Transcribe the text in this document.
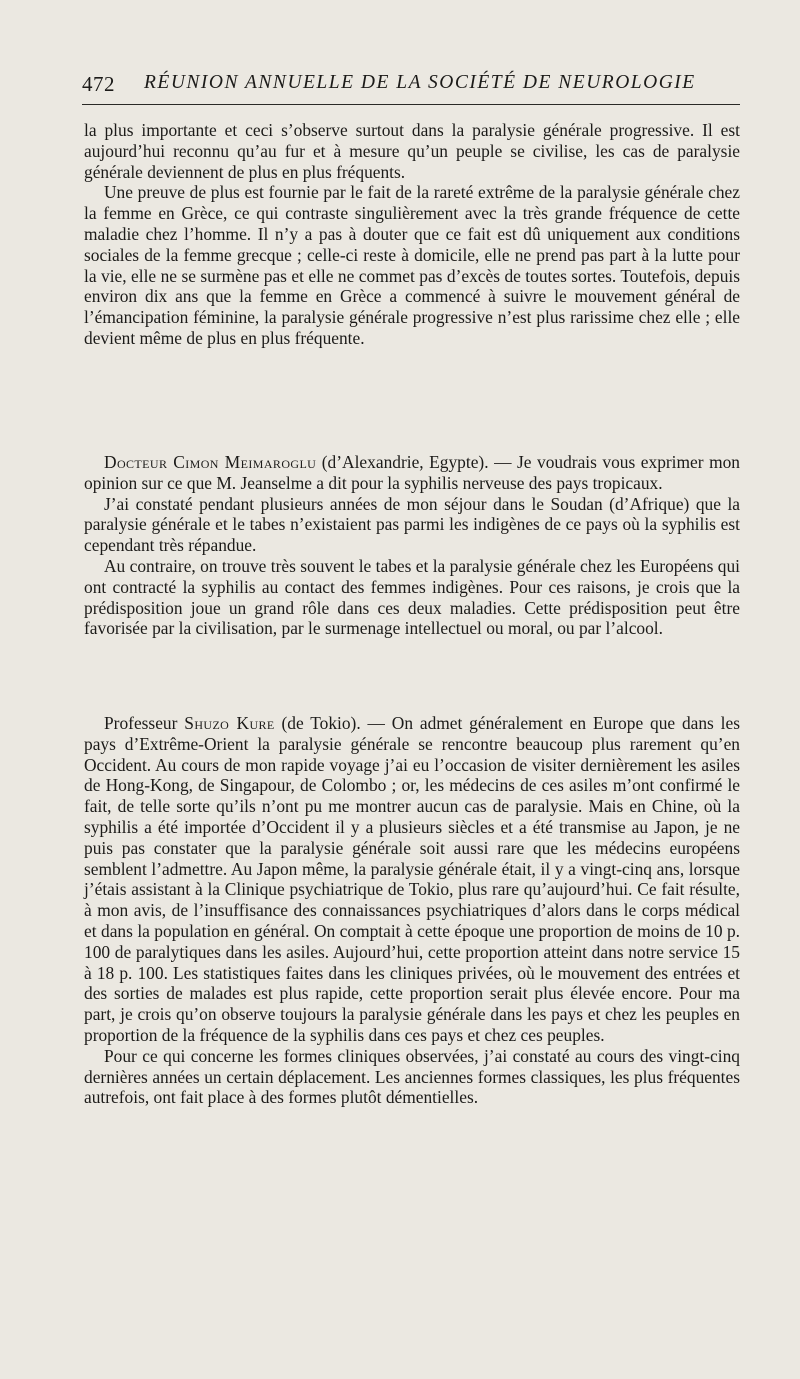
472 RÉUNION ANNUELLE DE LA SOCIÉTÉ DE NEUROLOGIE

la plus importante et ceci s’observe surtout dans la paralysie générale progressive. Il est aujourd’hui reconnu qu’au fur et à mesure qu’un peuple se civilise, les cas de paralysie générale deviennent de plus en plus fréquents.

Une preuve de plus est fournie par le fait de la rareté extrême de la paralysie générale chez la femme en Grèce, ce qui contraste singulièrement avec la très grande fréquence de cette maladie chez l’homme. Il n’y a pas à douter que ce fait est dû uniquement aux conditions sociales de la femme grecque ; celle-ci reste à domicile, elle ne prend pas part à la lutte pour la vie, elle ne se surmène pas et elle ne commet pas d’excès de toutes sortes. Toutefois, depuis environ dix ans que la femme en Grèce a commencé à suivre le mouvement général de l’émancipation féminine, la paralysie générale progressive n’est plus rarissime chez elle ; elle devient même de plus en plus fréquente.

Docteur Cimon Meimaroglu (d’Alexandrie, Egypte). — Je voudrais vous exprimer mon opinion sur ce que M. Jeanselme a dit pour la syphilis nerveuse des pays tropicaux.

J’ai constaté pendant plusieurs années de mon séjour dans le Soudan (d’Afrique) que la paralysie générale et le tabes n’existaient pas parmi les indigènes de ce pays où la syphilis est cependant très répandue.

Au contraire, on trouve très souvent le tabes et la paralysie générale chez les Européens qui ont contracté la syphilis au contact des femmes indigènes. Pour ces raisons, je crois que la prédisposition joue un grand rôle dans ces deux maladies. Cette prédisposition peut être favorisée par la civilisation, par le surmenage intellectuel ou moral, ou par l’alcool.

Professeur Shuzo Kure (de Tokio). — On admet généralement en Europe que dans les pays d’Extrême-Orient la paralysie générale se rencontre beaucoup plus rarement qu’en Occident. Au cours de mon rapide voyage j’ai eu l’occasion de visiter dernièrement les asiles de Hong-Kong, de Singapour, de Colombo ; or, les médecins de ces asiles m’ont confirmé le fait, de telle sorte qu’ils n’ont pu me montrer aucun cas de paralysie. Mais en Chine, où la syphilis a été importée d’Occident il y a plusieurs siècles et a été transmise au Japon, je ne puis pas constater que la paralysie générale soit aussi rare que les médecins européens semblent l’admettre. Au Japon même, la paralysie générale était, il y a vingt-cinq ans, lorsque j’étais assistant à la Clinique psychiatrique de Tokio, plus rare qu’aujourd’hui. Ce fait résulte, à mon avis, de l’insuffisance des connaissances psychiatriques d’alors dans le corps médical et dans la population en général. On comptait à cette époque une proportion de moins de 10 p. 100 de paralytiques dans les asiles. Aujourd’hui, cette proportion atteint dans notre service 15 à 18 p. 100. Les statistiques faites dans les cliniques privées, où le mouvement des entrées et des sorties de malades est plus rapide, cette proportion serait plus élevée encore. Pour ma part, je crois qu’on observe toujours la paralysie générale dans les pays et chez les peuples en proportion de la fréquence de la syphilis dans ces pays et chez ces peuples.

Pour ce qui concerne les formes cliniques observées, j’ai constaté au cours des vingt-cinq dernières années un certain déplacement. Les anciennes formes classiques, les plus fréquentes autrefois, ont fait place à des formes plutôt démentielles.
